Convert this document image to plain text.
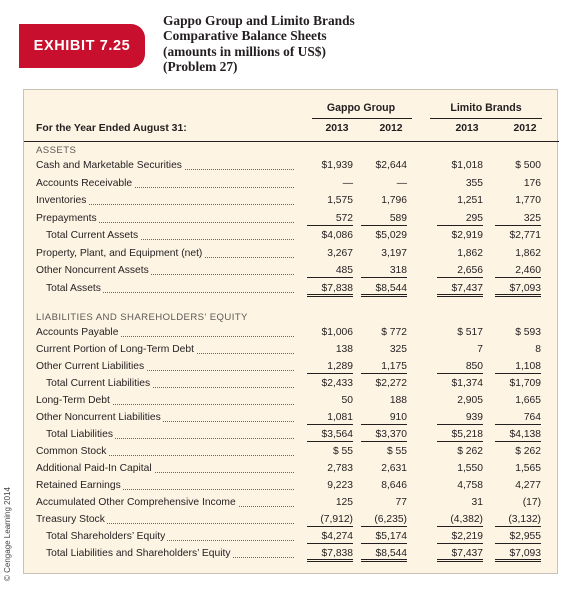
EXHIBIT 7.25
Gappo Group and Limito Brands
Comparative Balance Sheets
(amounts in millions of US$)
(Problem 27)
© Cengage Learning 2014
Gappo Group	Limito Brands
For the Year Ended August 31:	2013	2012	2013	2012
ASSETS
Cash and Marketable Securities	$1,939	$2,644	$1,018	$ 500
Accounts Receivable	—	—	355	176
Inventories	1,575	1,796	1,251	1,770
Prepayments	572	589	295	325
Total Current Assets	$4,086	$5,029	$2,919	$2,771
Property, Plant, and Equipment (net)	3,267	3,197	1,862	1,862
Other Noncurrent Assets	485	318	2,656	2,460
Total Assets	$7,838	$8,544	$7,437	$7,093
LIABILITIES AND SHAREHOLDERS’ EQUITY
Accounts Payable	$1,006	$ 772	$ 517	$ 593
Current Portion of Long-Term Debt	138	325	7	8
Other Current Liabilities	1,289	1,175	850	1,108
Total Current Liabilities	$2,433	$2,272	$1,374	$1,709
Long-Term Debt	50	188	2,905	1,665
Other Noncurrent Liabilities	1,081	910	939	764
Total Liabilities	$3,564	$3,370	$5,218	$4,138
Common Stock	$ 55	$ 55	$ 262	$ 262
Additional Paid-In Capital	2,783	2,631	1,550	1,565
Retained Earnings	9,223	8,646	4,758	4,277
Accumulated Other Comprehensive Income	125	77	31	(17)
Treasury Stock	(7,912)	(6,235)	(4,382)	(3,132)
Total Shareholders’ Equity	$4,274	$5,174	$2,219	$2,955
Total Liabilities and Shareholders’ Equity	$7,838	$8,544	$7,437	$7,093
